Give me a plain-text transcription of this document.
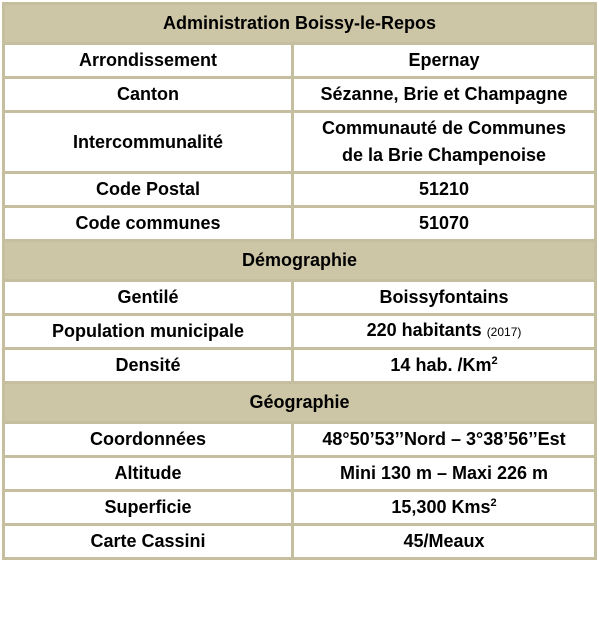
Administration Boissy-le-Repos	
Arrondissement	Epernay
Canton	Sézanne, Brie et Champagne
Intercommunalité	Communauté de Communes
de la Brie Champenoise
Code Postal	51210
Code communes	51070
Démographie	
Gentilé	Boissyfontains
Population municipale	220 habitants (2017)
Densité	14 hab. /Km$^2$
Géographie	
Coordonnées	48°50’53’’Nord – 3°38’56’’Est
Altitude	Mini 130 m – Maxi 226 m
Superficie	15,300 Kms$^2$
Carte Cassini	45/Meaux
